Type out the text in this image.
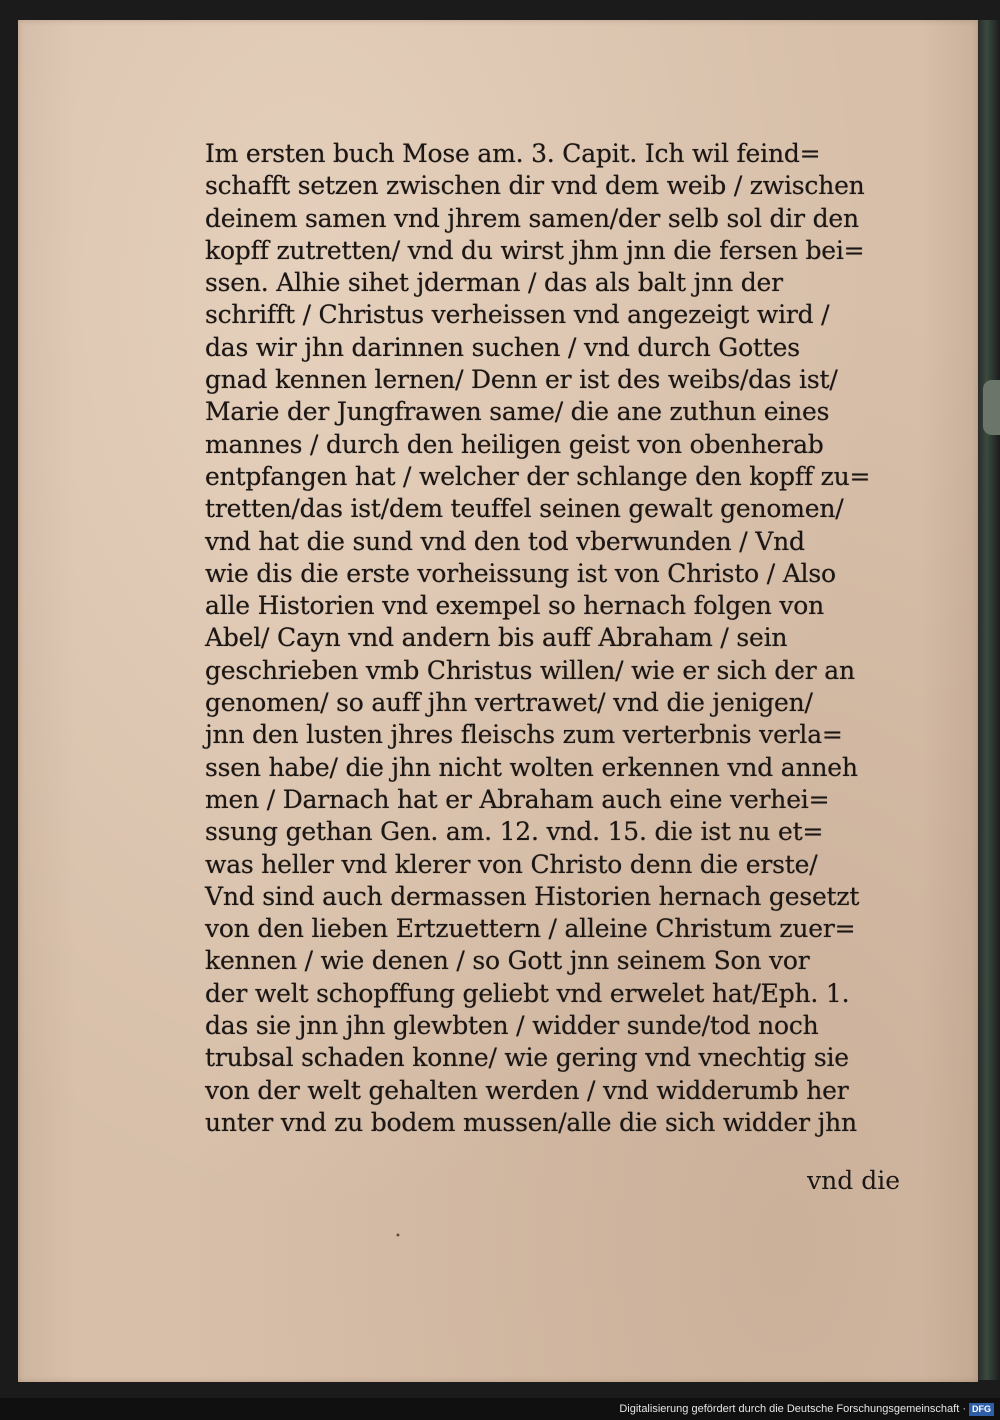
Im ersten buch Mose am. 3. Capit. Ich wil feind=
schafft setzen zwischen dir vnd dem weib / zwischen
deinem samen vnd jhrem samen/der selb sol dir den
kopff zutretten/ vnd du wirst jhm jnn die fersen bei=
ssen. Alhie sihet jderman / das als balt jnn der
schrifft / Christus verheissen vnd angezeigt wird /
das wir jhn darinnen suchen / vnd durch Gottes
gnad kennen lernen/ Denn er ist des weibs/das ist/
Marie der Jungfrawen same/ die ane zuthun eines
mannes / durch den heiligen geist von obenherab
entpfangen hat / welcher der schlange den kopff zu=
tretten/das ist/dem teuffel seinen gewalt genomen/
vnd hat die sund vnd den tod vberwunden / Vnd
wie dis die erste vorheissung ist von Christo / Also
alle Historien vnd exempel so hernach folgen von
Abel/ Cayn vnd andern bis auff Abraham / sein
geschrieben vmb Christus willen/ wie er sich der an
genomen/ so auff jhn vertrawet/ vnd die jenigen/
jnn den lusten jhres fleischs zum verterbnis verla=
ssen habe/ die jhn nicht wolten erkennen vnd anneh
men / Darnach hat er Abraham auch eine verhei=
ssung gethan Gen. am. 12. vnd. 15. die ist nu et=
was heller vnd klerer von Christo denn die erste/
Vnd sind auch dermassen Historien hernach gesetzt
von den lieben Ertzuettern / alleine Christum zuer=
kennen / wie denen / so Gott jnn seinem Son vor
der welt schopffung geliebt vnd erwelet hat/Eph. 1.
das sie jnn jhn glewbten / widder sunde/tod noch
trubsal schaden konne/ wie gering vnd vnechtig sie
von der welt gehalten werden / vnd widderumb her
unter vnd zu bodem mussen/alle die sich widder jhn
vnd die
•
Digitalisierung gefördert durch die Deutsche Forschungsgemeinschaft · DFG
